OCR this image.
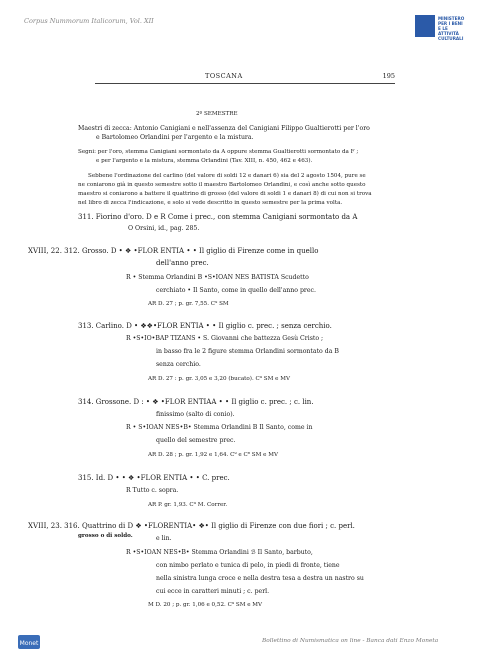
Corpus Nummorum Italicorum, Vol. XII	MINISTERO
PER I BENI
E LE ATTIVITÀ
CULTURALI
TOSCANA	195
2º SEMESTRE
Maestri di zecca: Antonio Canigiani e nell'assenza del Canigiani Filippo Gualtierotti per l'oro
e Bartolomeo Orlandini per l'argento e la mistura.
Segni: per l'oro, stemma Canigiani sormontato da A oppure stemma Gualtierotti sormontato da F ;
e per l'argento e la mistura, stemma Orlandini (Tav. XIII, n. 450, 462 e 463).
Sebbene l'ordinazione del carlino (del valore di soldi 12 e danari 6) sia del 2 agosto 1504, pure se
ne coniarono già in questo semestre sotto il maestro Bartolomeo Orlandini, e così anche sotto questo
maestro si coniarono a battere il quattrino di grosso (del valore di soldi 1 e danari 8) di cui non si trova
nel libro di zecca l'indicazione, e solo si vede descritto in questo semestre per la prima volta.
311. Fiorino d'oro. D e R Come i prec., con stemma Canigiani sormontato da A
O Orsini, id., pag. 285.
XVIII, 22. 312. Grosso. D • ❖ •FLOR ENTIA • • Il giglio di Firenze come in quello
dell'anno prec.
R • Stemma Orlandini B •S•IOAN NES BATISTA Scudetto
cerchiato • Il Santo, come in quello dell'anno prec.
AR D. 27 ; p. gr. 7,55. C⁹ SM
313. Carlino. D • ❖❖•FLOR ENTIA • • Il giglio c. prec. ; senza cerchio.
R •S•IO•BAP TIZANS • S. Giovanni che battezza Gesù Cristo ;
in basso fra le 2 figure stemma Orlandini sormontato da B
senza cerchio.
AR D. 27 : p. gr. 3,05 e 3,20 (bucato). C⁹ SM e MV
314. Grossone. D : • ❖ •FLOR ENTIAA • • Il giglio c. prec. ; c. lin.
finissimo (salto di conio).
R • S•IOAN NES•B• Stemma Orlandini B Il Santo, come in
quello del semestre prec.
AR D. 28 ; p. gr. 1,92 e 1,64. C⁹ e C⁸ SM e MV
315. Id. D • • ❖ •FLOR ENTIA • • C. prec.
R Tutto c. sopra.
AR P. gr. 1,93. C⁹ M. Correr.
XVIII, 23. 316. Quattrino di D ❖ •FLORENTIA• ❖• Il giglio di Firenze con due fiori ; c. perl.
grosso o di soldo.	e lin.
R •S•IOAN NES•B• Stemma Orlandini ℬ Il Santo, barbuto,
con nimbo perlato e tunica di pelo, in piedi di fronte, tiene
nella sinistra lunga croce e nella destra tesa a destra un nastro su
cui ecce in caratteri minuti ; c. perl.
M D. 20 ; p. gr. 1,06 e 0,52. C⁹ SM e MV
Monet	Bollettino di Numismatica on line - Banca dati Enzo Moneta
